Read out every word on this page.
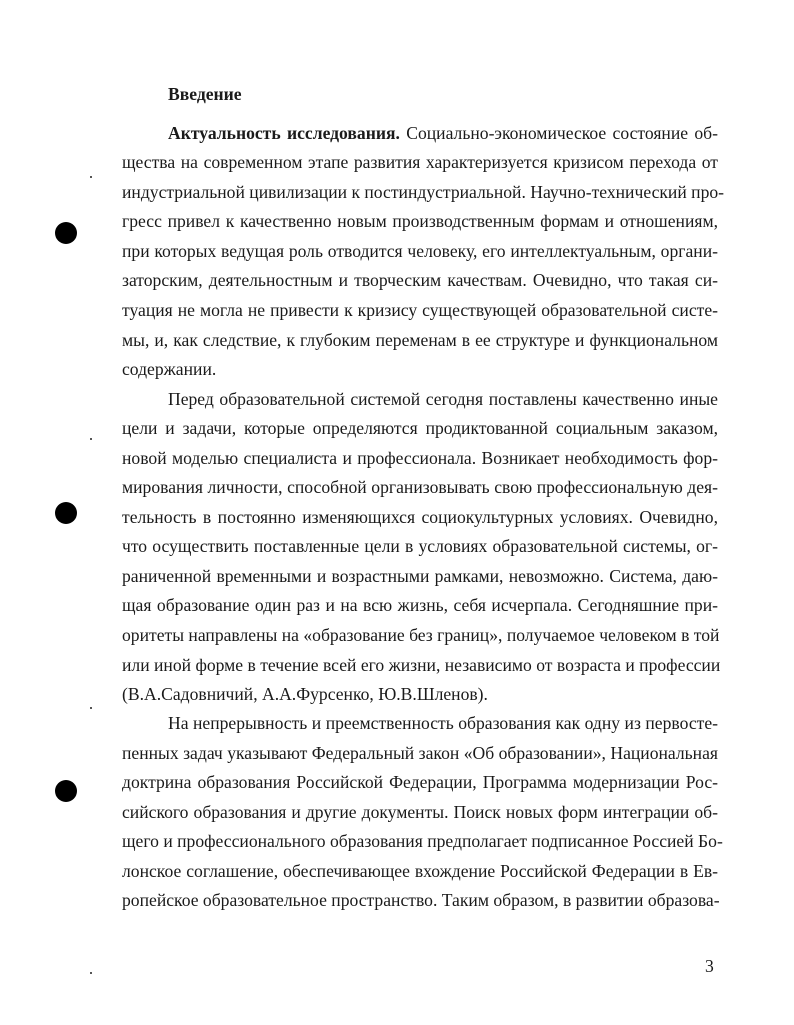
Введение
Актуальность исследования. Социально-экономическое состояние об-
щества на современном этапе развития характеризуется кризисом перехода от
индустриальной цивилизации к постиндустриальной. Научно-технический про-
гресс привел к качественно новым производственным формам и отношениям,
при которых ведущая роль отводится человеку, его интеллектуальным, органи-
заторским, деятельностным и творческим качествам. Очевидно, что такая си-
туация не могла не привести к кризису существующей образовательной систе-
мы, и, как следствие, к глубоким переменам в ее структуре и функциональном
содержании.
Перед образовательной системой сегодня поставлены качественно иные
цели и задачи, которые определяются продиктованной социальным заказом,
новой моделью специалиста и профессионала. Возникает необходимость фор-
мирования личности, способной организовывать свою профессиональную дея-
тельность в постоянно изменяющихся социокультурных условиях. Очевидно,
что осуществить поставленные цели в условиях образовательной системы, ог-
раниченной временными и возрастными рамками, невозможно. Система, даю-
щая образование один раз и на всю жизнь, себя исчерпала. Сегодняшние при-
оритеты направлены на «образование без границ», получаемое человеком в той
или иной форме в течение всей его жизни, независимо от возраста и профессии
(В.А.Садовничий, А.А.Фурсенко, Ю.В.Шленов).
На непрерывность и преемственность образования как одну из первосте-
пенных задач указывают Федеральный закон «Об образовании», Национальная
доктрина образования Российской Федерации, Программа модернизации Рос-
сийского образования и другие документы. Поиск новых форм интеграции об-
щего и профессионального образования предполагает подписанное Россией Бо-
лонское соглашение, обеспечивающее вхождение Российской Федерации в Ев-
ропейское образовательное пространство. Таким образом, в развитии образова-
3
